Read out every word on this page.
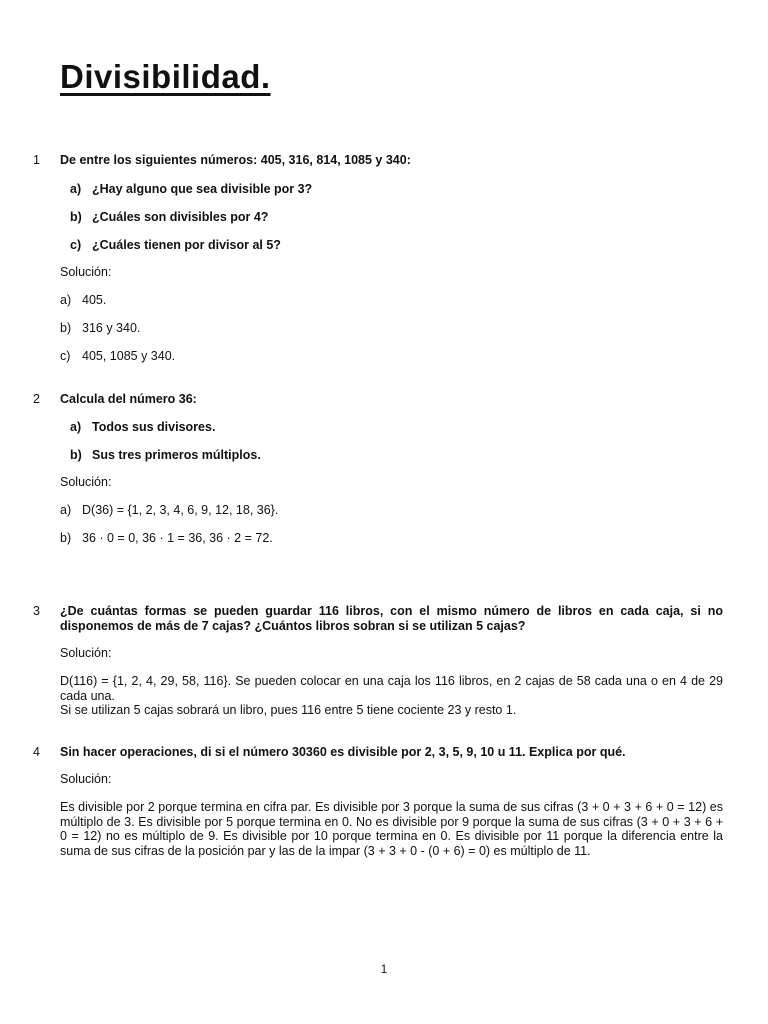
Divisibilidad.
1 De entre los siguientes números: 405, 316, 814, 1085 y 340:
a) ¿Hay alguno que sea divisible por 3?
b) ¿Cuáles son divisibles por 4?
c) ¿Cuáles tienen por divisor al 5?
Solución:
a) 405.
b) 316 y 340.
c) 405, 1085 y 340.
2 Calcula del número 36:
a) Todos sus divisores.
b) Sus tres primeros múltiplos.
Solución:
a) D(36) = {1, 2, 3, 4, 6, 9, 12, 18, 36}.
b) 36 · 0 = 0, 36 · 1 = 36, 36 · 2 = 72.
3 ¿De cuántas formas se pueden guardar 116 libros, con el mismo número de libros en cada caja, si no disponemos de más de 7 cajas? ¿Cuántos libros sobran si se utilizan 5 cajas?
Solución:
D(116) = {1, 2, 4, 29, 58, 116}. Se pueden colocar en una caja los 116 libros, en 2 cajas de 58 cada una o en 4 de 29 cada una.
Si se utilizan 5 cajas sobrará un libro, pues 116 entre 5 tiene cociente 23 y resto 1.
4 Sin hacer operaciones, di si el número 30360 es divisible por 2, 3, 5, 9, 10 u 11. Explica por qué.
Solución:
Es divisible por 2 porque termina en cifra par. Es divisible por 3 porque la suma de sus cifras (3 + 0 + 3 + 6 + 0 = 12) es múltiplo de 3. Es divisible por 5 porque termina en 0. No es divisible por 9 porque la suma de sus cifras (3 + 0 + 3 + 6 + 0 = 12) no es múltiplo de 9. Es divisible por 10 porque termina en 0. Es divisible por 11 porque la diferencia entre la suma de sus cifras de la posición par y las de la impar (3 + 3 + 0 - (0 + 6) = 0) es múltiplo de 11.
1
